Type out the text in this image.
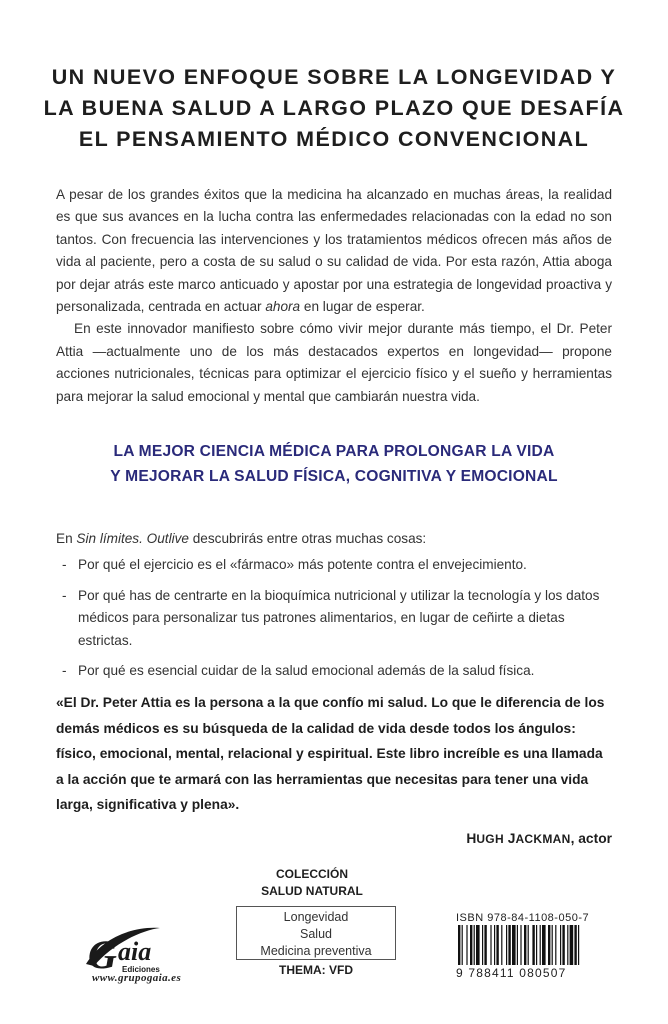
UN NUEVO ENFOQUE SOBRE LA LONGEVIDAD Y
LA BUENA SALUD A LARGO PLAZO QUE DESAFÍA
EL PENSAMIENTO MÉDICO CONVENCIONAL

A pesar de los grandes éxitos que la medicina ha alcanzado en muchas áreas, la realidad es que sus avances en la lucha contra las enfermedades relacionadas con la edad no son tantos. Con frecuencia las intervenciones y los tratamientos médicos ofrecen más años de vida al paciente, pero a costa de su salud o su calidad de vida. Por esta razón, Attia aboga por dejar atrás este marco anticuado y apostar por una estrategia de longevidad proactiva y personalizada, centrada en actuar ahora en lugar de esperar.

En este innovador manifiesto sobre cómo vivir mejor durante más tiempo, el Dr. Peter Attia —actualmente uno de los más destacados expertos en longevidad— propone acciones nutricionales, técnicas para optimizar el ejercicio físico y el sueño y herramientas para mejorar la salud emocional y mental que cambiarán nuestra vida.

LA MEJOR CIENCIA MÉDICA PARA PROLONGAR LA VIDA
Y MEJORAR LA SALUD FÍSICA, COGNITIVA Y EMOCIONAL

En Sin límites. Outlive descubrirás entre otras muchas cosas:

- Por qué el ejercicio es el «fármaco» más potente contra el envejecimiento.
- Por qué has de centrarte en la bioquímica nutricional y utilizar la tecnología y los datos médicos para personalizar tus patrones alimentarios, en lugar de ceñirte a dietas estrictas.
- Por qué es esencial cuidar de la salud emocional además de la salud física.

«El Dr. Peter Attia es la persona a la que confío mi salud. Lo que le diferencia de los demás médicos es su búsqueda de la calidad de vida desde todos los ángulos: físico, emocional, mental, relacional y espiritual. Este libro increíble es una llamada a la acción que te armará con las herramientas que necesitas para tener una vida larga, significativa y plena».

HUGH JACKMAN, actor
G aia
Ediciones
www.grupogaia.es
COLECCIÓN
SALUD NATURAL
Longevidad
Salud
Medicina preventiva
THEMA: VFD
ISBN 978-84-1108-050-7
9 788411 080507
